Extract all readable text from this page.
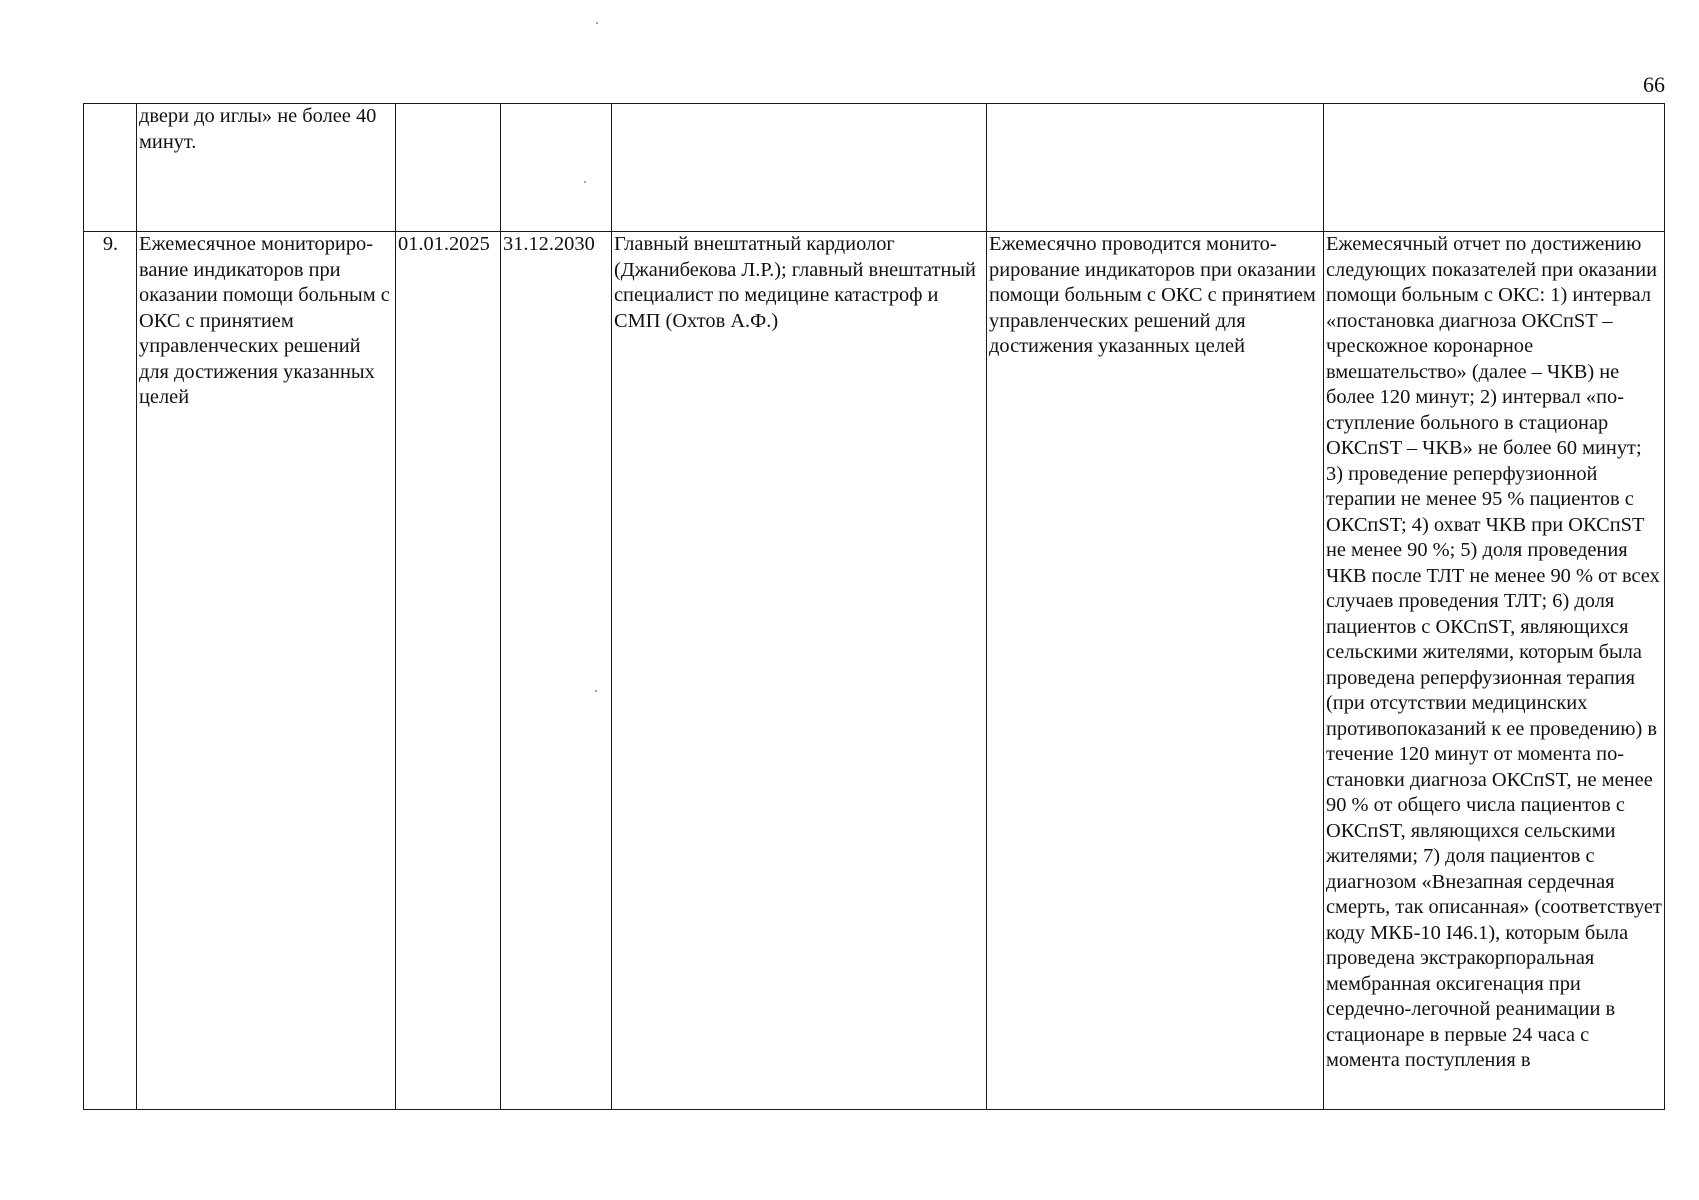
66

	двери до иглы» не более 40 минут.					

9.	Ежемесячное мониторирование индикаторов при оказании помощи больным с ОКС с принятием управленческих решений для достижения указанных целей	01.01.2025	31.12.2030	Главный внештатный кардиолог (Джанибекова Л.Р.); главный внештатный специалист по медицине катастроф и СМП (Охтов А.Ф.)	Ежемесячно проводится мониторирование индикаторов при оказании помощи больным с ОКС с принятием управленческих решений для достижения указанных целей	Ежемесячный отчет по достижению следующих показателей при оказании помощи больным с ОКС: 1) интервал «постановка диагноза ОКСпST – чрескожное коронарное вмешательство» (далее – ЧКВ) не более 120 минут; 2) интервал «поступление больного в стационар ОКСпST – ЧКВ» не более 60 минут; 3) проведение реперфузионной терапии не менее 95 % пациентов с ОКСпST; 4) охват ЧКВ при ОКСпST не менее 90 %; 5) доля проведения ЧКВ после ТЛТ не менее 90 % от всех случаев проведения ТЛТ; 6) доля пациентов с ОКСпST, являющихся сельскими жителями, которым была проведена реперфузионная терапия (при отсутствии медицинских противопоказаний к ее проведению) в течение 120 минут от момента постановки диагноза ОКСпST, не менее 90 % от общего числа пациентов с ОКСпST, являющихся сельскими жителями; 7) доля пациентов с диагнозом «Внезапная сердечная смерть, так описанная» (соответствует коду МКБ-10 I46.1), которым была проведена экстракорпоральная мембранная оксигенация при сердечно-легочной реанимации в стационаре в первые 24 часа с момента поступления в
